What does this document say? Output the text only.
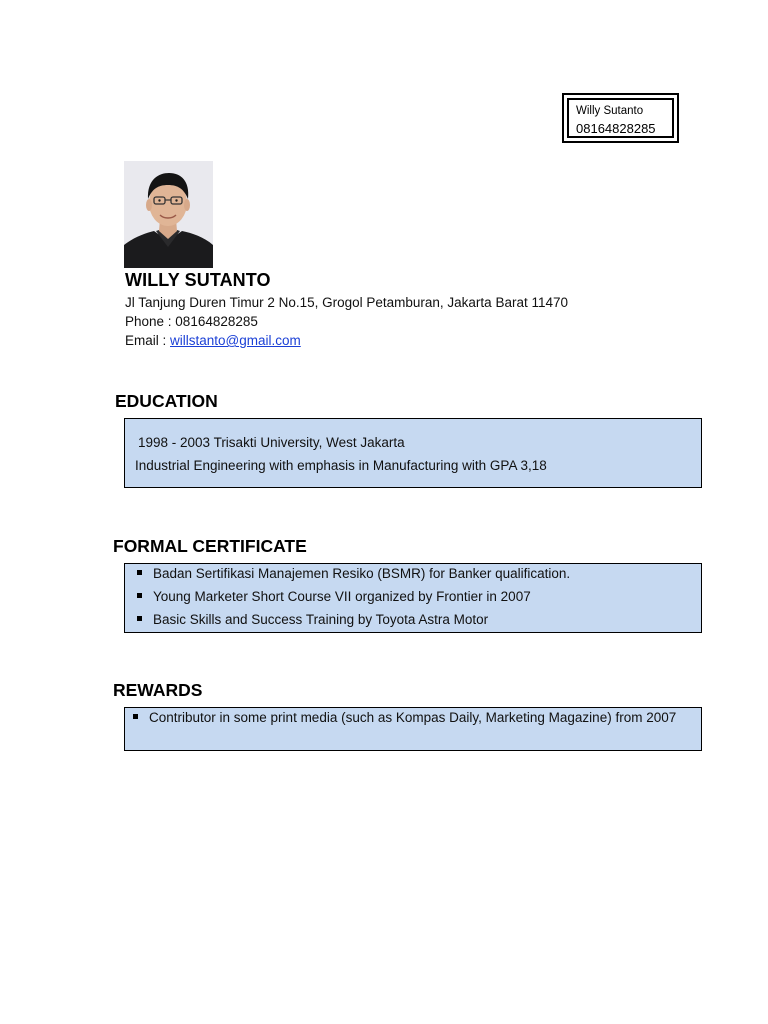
Willy Sutanto
08164828285
WILLY SUTANTO
Jl Tanjung Duren Timur 2 No.15, Grogol Petamburan, Jakarta Barat 11470
Phone : 08164828285
Email : willstanto@gmail.com
EDUCATION
1998 - 2003 Trisakti University, West Jakarta
Industrial Engineering with emphasis in Manufacturing with GPA 3,18
FORMAL CERTIFICATE
Badan Sertifikasi Manajemen Resiko (BSMR) for Banker qualification.
Young Marketer Short Course VII organized by Frontier in 2007
Basic Skills and Success Training by Toyota Astra Motor
REWARDS
Contributor in some print media (such as Kompas Daily, Marketing Magazine) from 2007
